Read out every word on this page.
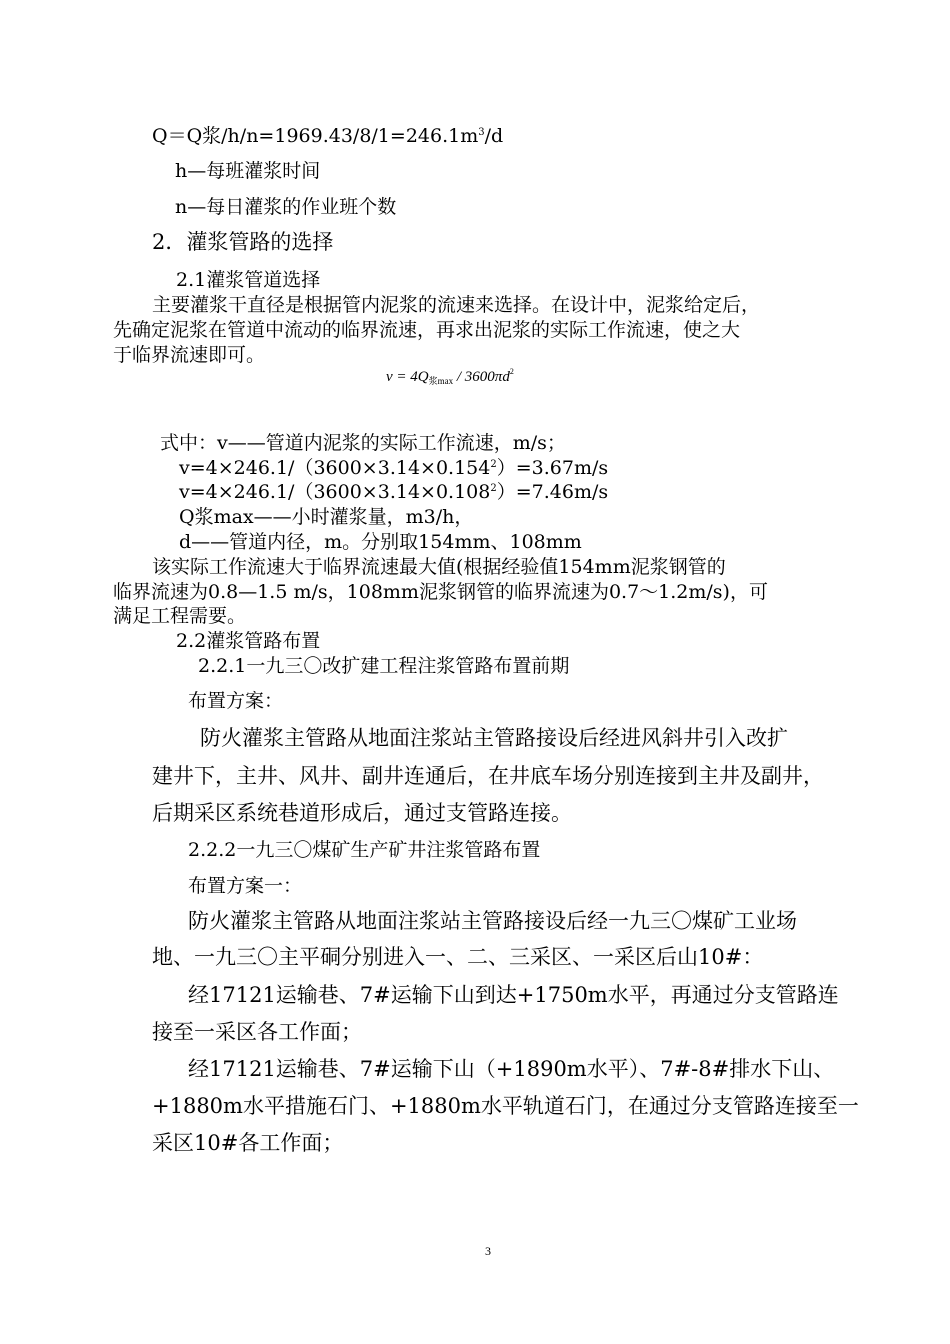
Q＝Q浆$/h/n=1969.43/8/1=246.1m^3/d$
h—每班灌浆时间
n—每日灌浆的作业班个数
2．灌浆管路的选择
2.1灌浆管道选择
主要灌浆干直径是根据管内泥浆的流速来选择。在设计中，泥浆给定后，
先确定泥浆在管道中流动的临界流速，再求出泥浆的实际工作流速，使之大
于临界流速即可。
$v = 4Q_{浆max} / 3600\pi d^2$
式中：v——管道内泥浆的实际工作流速，m/s；
$v=4\times 246.1/(3600\times 3.14\times 0.154^2)=3.67m/s$
$v=4\times 246.1/(3600\times 3.14\times 0.108^2)=7.46m/s$
Q浆max——小时灌浆量，m3/h，
d——管道内径，m。分别取154mm、108mm
该实际工作流速大于临界流速最大值(根据经验值154mm泥浆钢管的
临界流速为0.8—1.5 m/s，108mm泥浆钢管的临界流速为0.7～1.2m/s)，可
满足工程需要。
2.2灌浆管路布置
2.2.1一九三〇改扩建工程注浆管路布置前期
布置方案：
防火灌浆主管路从地面注浆站主管路接设后经进风斜井引入改扩
建井下，主井、风井、副井连通后，在井底车场分别连接到主井及副井，
后期采区系统巷道形成后，通过支管路连接。
2.2.2一九三〇煤矿生产矿井注浆管路布置
布置方案一：
防火灌浆主管路从地面注浆站主管路接设后经一九三〇煤矿工业场
地、一九三〇主平硐分别进入一、二、三采区、一采区后山10#：
经17121运输巷、7#运输下山到达+1750m水平，再通过分支管路连
接至一采区各工作面；
经17121运输巷、7#运输下山（+1890m水平）、7#-8#排水下山、
+1880m水平措施石门、+1880m水平轨道石门，在通过分支管路连接至一
采区10#各工作面；
3
